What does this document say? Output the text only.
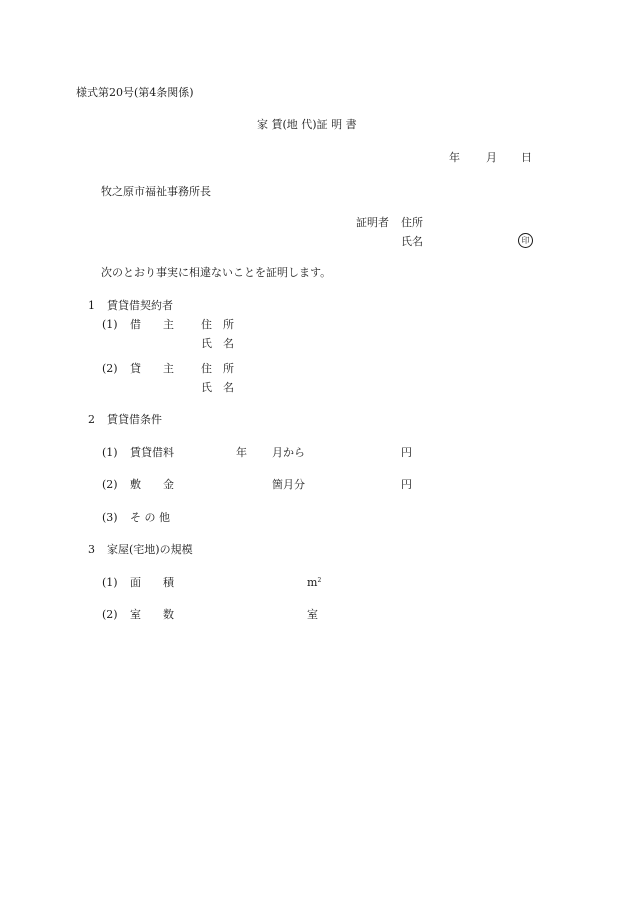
様式第20号(第4条関係)
家 賃(地 代)証 明 書
年 月 日
牧之原市福祉事務所長
証明者 住所
氏名	印
次のとおり事実に相違ないことを証明します。
1 賃貸借契約者
(1) 借　　主 住　所
氏　名
(2) 貸　　主 住　所
氏　名
2 賃貸借条件
(1) 賃貸借料	年 月から	円
(2) 敷　　金	箇月分	円
(3) そ の 他
3 家屋(宅地)の規模
(1) 面　　積	$m^2$
(2) 室　　数	室
